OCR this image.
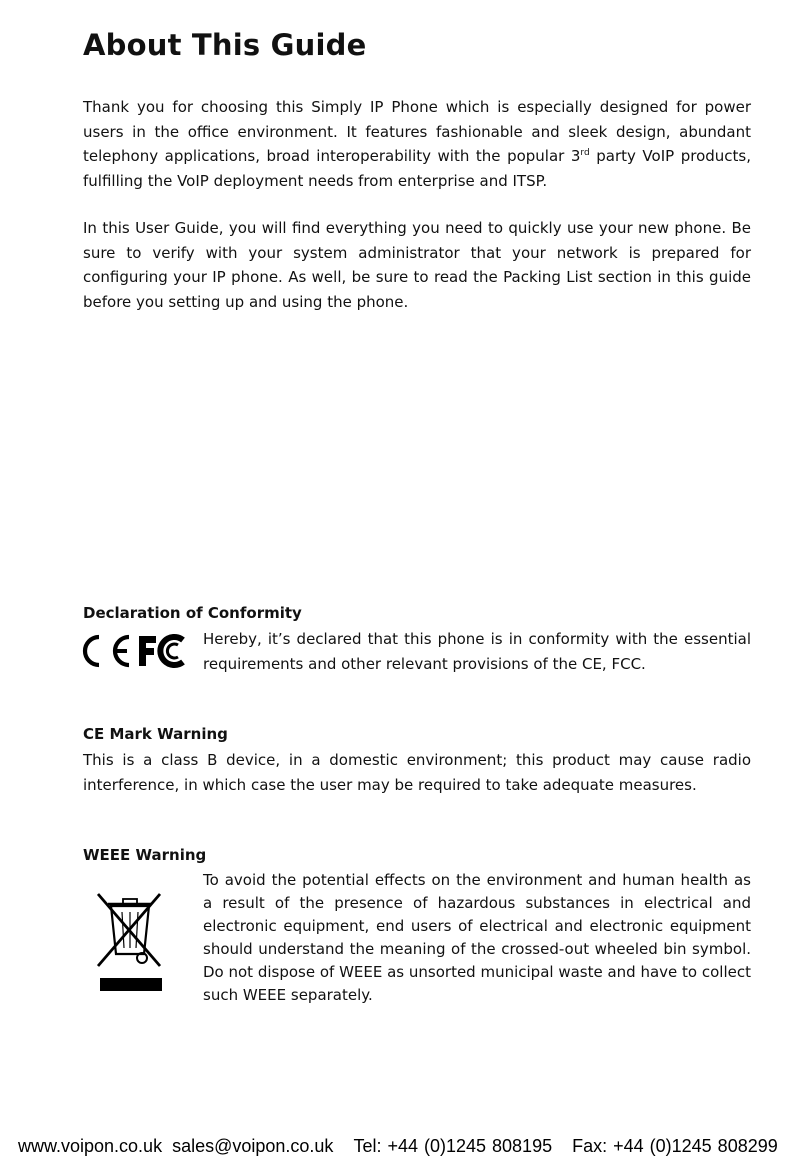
About This Guide

Thank you for choosing this Simply IP Phone which is especially designed for power users in the office environment. It features fashionable and sleek design, abundant telephony applications, broad interoperability with the popular 3rd party VoIP products, fulfilling the VoIP deployment needs from enterprise and ITSP.

In this User Guide, you will find everything you need to quickly use your new phone. Be sure to verify with your system administrator that your network is prepared for configuring your IP phone. As well, be sure to read the Packing List section in this guide before you setting up and using the phone.

Declaration of Conformity

Hereby, it’s declared that this phone is in conformity with the essential requirements and other relevant provisions of the CE, FCC.

CE Mark Warning

This is a class B device, in a domestic environment; this product may cause radio interference, in which case the user may be required to take adequate measures.

WEEE Warning

To avoid the potential effects on the environment and human health as a result of the presence of hazardous substances in electrical and electronic equipment, end users of electrical and electronic equipment should understand the meaning of the crossed-out wheeled bin symbol. Do not dispose of WEEE as unsorted municipal waste and have to collect such WEEE separately.

www.voipon.co.uk sales@voipon.co.uk Tel: +44 (0)1245 808195 Fax: +44 (0)1245 808299
